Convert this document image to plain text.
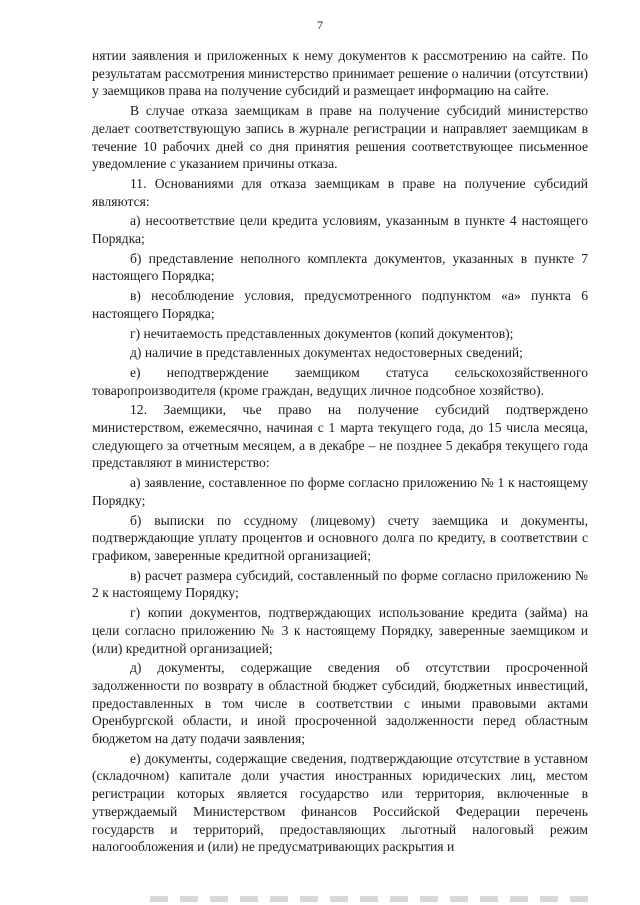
7

нятии заявления и приложенных к нему документов к рассмотрению на сайте. По результатам рассмотрения министерство принимает решение о наличии (отсутствии) у заемщиков права на получение субсидий и размещает информацию на сайте.

В случае отказа заемщикам в праве на получение субсидий министерство делает соответствующую запись в журнале регистрации и направляет заемщикам в течение 10 рабочих дней со дня принятия решения соответствующее письменное уведомление с указанием причины отказа.

11. Основаниями для отказа заемщикам в праве на получение субсидий являются:

а) несоответствие цели кредита условиям, указанным в пункте 4 настоящего Порядка;

б) представление неполного комплекта документов, указанных в пункте 7 настоящего Порядка;

в) несоблюдение условия, предусмотренного подпунктом «а» пункта 6 настоящего Порядка;

г) нечитаемость представленных документов (копий документов);

д) наличие в представленных документах недостоверных сведений;

е) неподтверждение заемщиком статуса сельскохозяйственного товаропроизводителя (кроме граждан, ведущих личное подсобное хозяйство).

12. Заемщики, чье право на получение субсидий подтверждено министерством, ежемесячно, начиная с 1 марта текущего года, до 15 числа месяца, следующего за отчетным месяцем, а в декабре – не позднее 5 декабря текущего года представляют в министерство:

а) заявление, составленное по форме согласно приложению № 1 к настоящему Порядку;

б) выписки по ссудному (лицевому) счету заемщика и документы, подтверждающие уплату процентов и основного долга по кредиту, в соответствии с графиком, заверенные кредитной организацией;

в) расчет размера субсидий, составленный по форме согласно приложению № 2 к настоящему Порядку;

г) копии документов, подтверждающих использование кредита (займа) на цели согласно приложению № 3 к настоящему Порядку, заверенные заемщиком и (или) кредитной организацией;

д) документы, содержащие сведения об отсутствии просроченной задолженности по возврату в областной бюджет субсидий, бюджетных инвестиций, предоставленных в том числе в соответствии с иными правовыми актами Оренбургской области, и иной просроченной задолженности перед областным бюджетом на дату подачи заявления;

е) документы, содержащие сведения, подтверждающие отсутствие в уставном (складочном) капитале доли участия иностранных юридических лиц, местом регистрации которых является государство или территория, включенные в утверждаемый Министерством финансов Российской Федерации перечень государств и территорий, предоставляющих льготный налоговый режим налогообложения и (или) не предусматривающих раскрытия и
